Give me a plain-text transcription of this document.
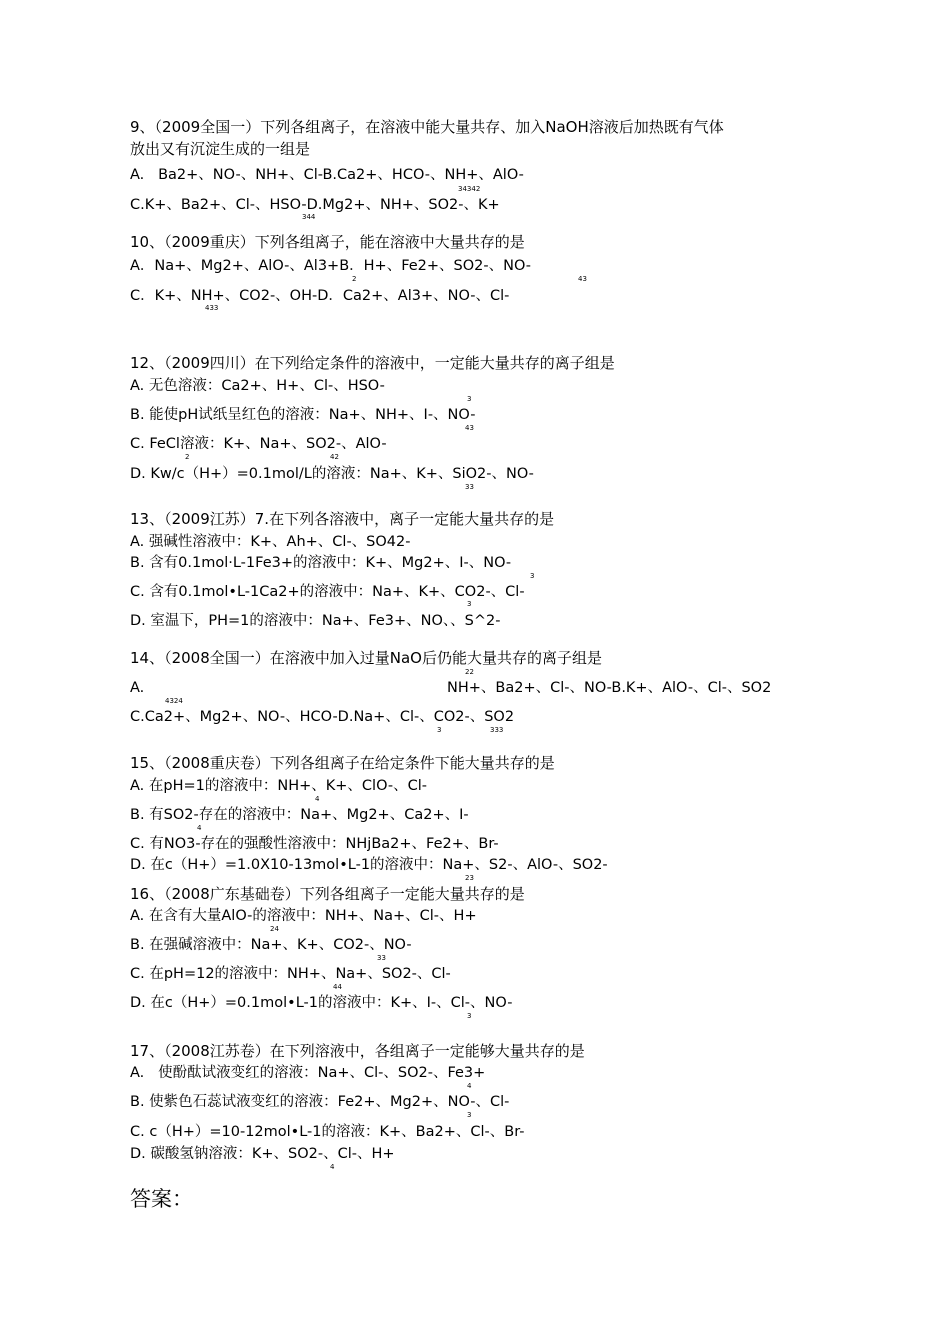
9、（2009全国一）下列各组离子，在溶液中能大量共存、加入NaOH溶液后加热既有气体
放出又有沉淀生成的一组是
A.   Ba2+、NO-、NH+、Cl-B.Ca2+、HCO-、NH+、AlO-
34342
C.K+、Ba2+、Cl-、HSO-D.Mg2+、NH+、SO2-、K+
344
10、（2009重庆）下列各组离子，能在溶液中大量共存的是
A．Na+、Mg2+、AlO-、Al3+B．H+、Fe2+、SO2-、NO-
2	43
C．K+、NH+、CO2-、OH-D．Ca2+、Al3+、NO-、Cl-
433
12、（2009四川）在下列给定条件的溶液中，一定能大量共存的离子组是
A. 无色溶液：Ca2+、H+、Cl-、HSO-
3
B. 能使pH试纸呈红色的溶液：Na+、NH+、I-、NO-
43
C. FeCl溶液：K+、Na+、SO2-、AlO-
2	42
D. Kw/c（H+）=0.1mol/L的溶液：Na+、K+、SiO2-、NO-
33
13、（2009江苏）7.在下列各溶液中，离子一定能大量共存的是
A. 强碱性溶液中：K+、Ah+、Cl-、SO42-
B. 含有0.1mol·L-1Fe3+的溶液中：K+、Mg2+、I-、NO-
3
C. 含有0.1mol•L-1Ca2+的溶液中：Na+、K+、CO2-、Cl-
3
D. 室温下，PH=1的溶液中：Na+、Fe3+、NO、、S^2-
14、（2008全国一）在溶液中加入过量NaO后仍能大量共存的离子组是
22
A.	NH+、Ba2+、Cl-、NO-B.K+、AlO-、Cl-、SO2
4324
C.Ca2+、Mg2+、NO-、HCO-D.Na+、Cl-、CO2-、SO2
3	333
15、（2008重庆卷）下列各组离子在给定条件下能大量共存的是
A. 在pH=1的溶液中：NH+、K+、ClO-、Cl-
4
B. 有SO2-存在的溶液中：Na+、Mg2+、Ca2+、I-
4
C. 有NO3-存在的强酸性溶液中：NHjBa2+、Fe2+、Br-
D. 在c（H+）=1.0X10-13mol•L-1的溶液中：Na+、S2-、AlO-、SO2-
23
16、（2008广东基础卷）下列各组离子一定能大量共存的是
A. 在含有大量AlO-的溶液中：NH+、Na+、Cl-、H+
24
B. 在强碱溶液中：Na+、K+、CO2-、NO-
33
C. 在pH=12的溶液中：NH+、Na+、SO2-、Cl-
44
D. 在c（H+）=0.1mol•L-1的溶液中：K+、I-、Cl-、NO-
3
17、（2008江苏卷）在下列溶液中，各组离子一定能够大量共存的是
A.   使酚酞试液变红的溶液：Na+、Cl-、SO2-、Fe3+
4
B. 使紫色石蕊试液变红的溶液：Fe2+、Mg2+、NO-、Cl-
3
C. c（H+）=10-12mol•L-1的溶液：K+、Ba2+、Cl-、Br-
D. 碳酸氢钠溶液：K+、SO2-、Cl-、H+
4
答案：
